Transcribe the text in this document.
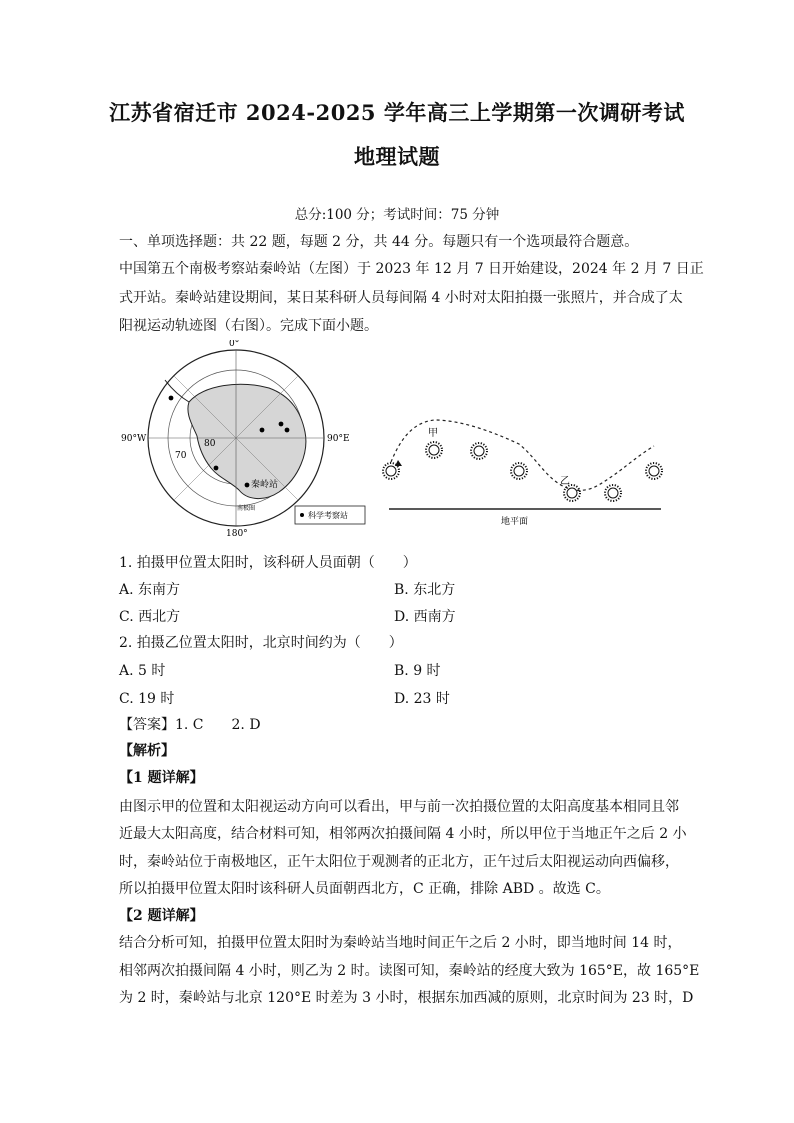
江苏省宿迁市 2024-2025 学年高三上学期第一次调研考试
地理试题
总分:100 分；考试时间：75 分钟
一、单项选择题：共 22 题，每题 2 分，共 44 分。每题只有一个选项最符合题意。
中国第五个南极考察站秦岭站（左图）于 2023 年 12 月 7 日开始建设，2024 年 2 月 7 日正
式开站。秦岭站建设期间，某日某科研人员每间隔 4 小时对太阳拍摄一张照片，并合成了太
阳视运动轨迹图（右图）。完成下面小题。
0°
180°
90°W	90°E
80
70
秦岭站
南极圈
科学考察站
地平面
甲
乙
1. 拍摄甲位置太阳时，该科研人员面朝（　　）
A. 东南方	B. 东北方
C. 西北方	D. 西南方
2. 拍摄乙位置太阳时，北京时间约为（　　）
A. 5 时	B. 9 时
C. 19 时	D. 23 时
【答案】1. C　　2. D
【解析】
【1 题详解】
由图示甲的位置和太阳视运动方向可以看出，甲与前一次拍摄位置的太阳高度基本相同且邻
近最大太阳高度，结合材料可知，相邻两次拍摄间隔 4 小时，所以甲位于当地正午之后 2 小
时，秦岭站位于南极地区，正午太阳位于观测者的正北方，正午过后太阳视运动向西偏移，
所以拍摄甲位置太阳时该科研人员面朝西北方，C 正确，排除 ABD 。故选 C。
【2 题详解】
结合分析可知，拍摄甲位置太阳时为秦岭站当地时间正午之后 2 小时，即当地时间 14 时，
相邻两次拍摄间隔 4 小时，则乙为 2 时。读图可知，秦岭站的经度大致为 165°E，故 165°E
为 2 时，秦岭站与北京 120°E 时差为 3 小时，根据东加西减的原则，北京时间为 23 时，D
